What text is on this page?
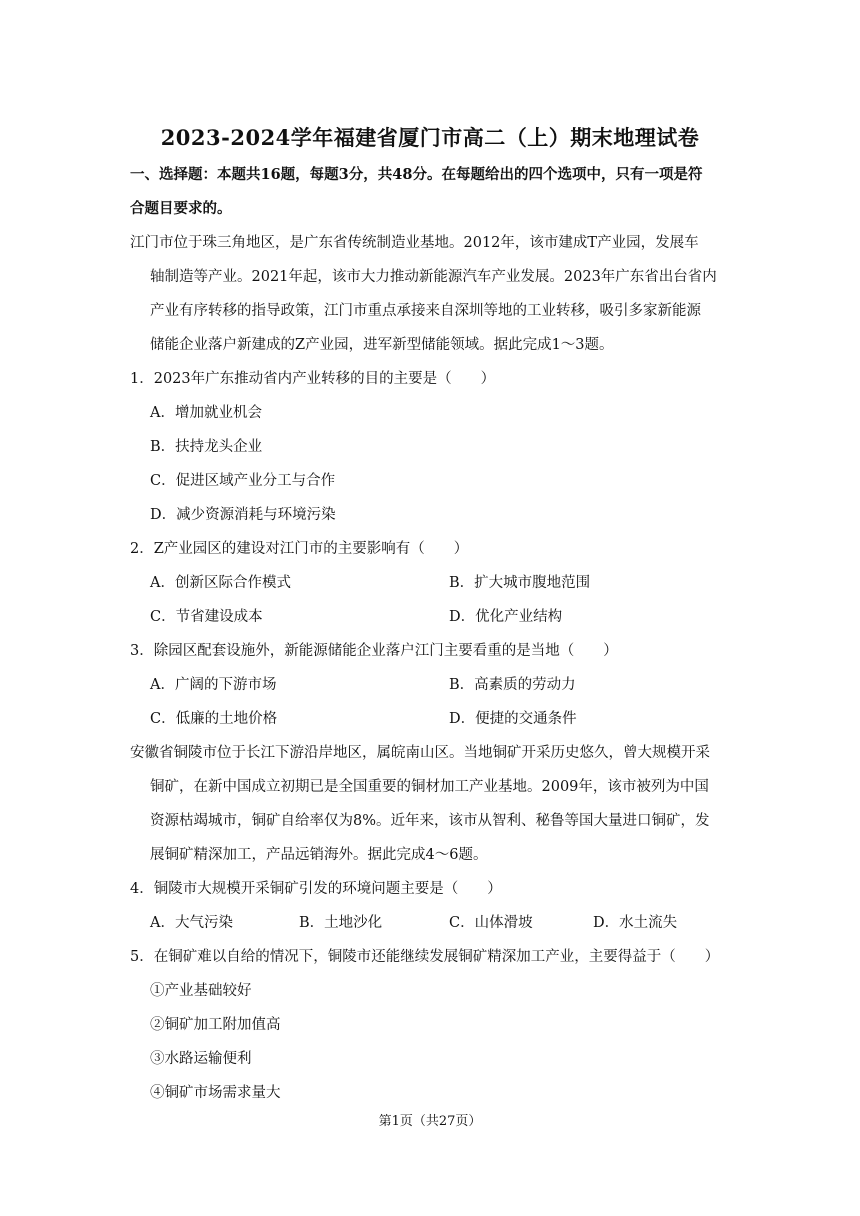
2023-2024学年福建省厦门市高二（上）期末地理试卷
一、选择题：本题共16题，每题3分，共48分。在每题给出的四个选项中，只有一项是符
合题目要求的。
江门市位于珠三角地区，是广东省传统制造业基地。2012年，该市建成T产业园，发展车
轴制造等产业。2021年起，该市大力推动新能源汽车产业发展。2023年广东省出台省内
产业有序转移的指导政策，江门市重点承接来自深圳等地的工业转移，吸引多家新能源
储能企业落户新建成的Z产业园，进军新型储能领域。据此完成1～3题。
1．2023年广东推动省内产业转移的目的主要是（　　）
A．增加就业机会
B．扶持龙头企业
C．促进区域产业分工与合作
D．减少资源消耗与环境污染
2．Z产业园区的建设对江门市的主要影响有（　　）
A．创新区际合作模式	B．扩大城市腹地范围
C．节省建设成本	D．优化产业结构
3．除园区配套设施外，新能源储能企业落户江门主要看重的是当地（　　）
A．广阔的下游市场	B．高素质的劳动力
C．低廉的土地价格	D．便捷的交通条件
安徽省铜陵市位于长江下游沿岸地区，属皖南山区。当地铜矿开采历史悠久，曾大规模开采
铜矿，在新中国成立初期已是全国重要的铜材加工产业基地。2009年，该市被列为中国
资源枯竭城市，铜矿自给率仅为8%。近年来，该市从智利、秘鲁等国大量进口铜矿，发
展铜矿精深加工，产品远销海外。据此完成4～6题。
4．铜陵市大规模开采铜矿引发的环境问题主要是（　　）
A．大气污染	B．土地沙化	C．山体滑坡	D．水土流失
5．在铜矿难以自给的情况下，铜陵市还能继续发展铜矿精深加工产业，主要得益于（　　）
①产业基础较好
②铜矿加工附加值高
③水路运输便利
④铜矿市场需求量大
第1页（共27页）
